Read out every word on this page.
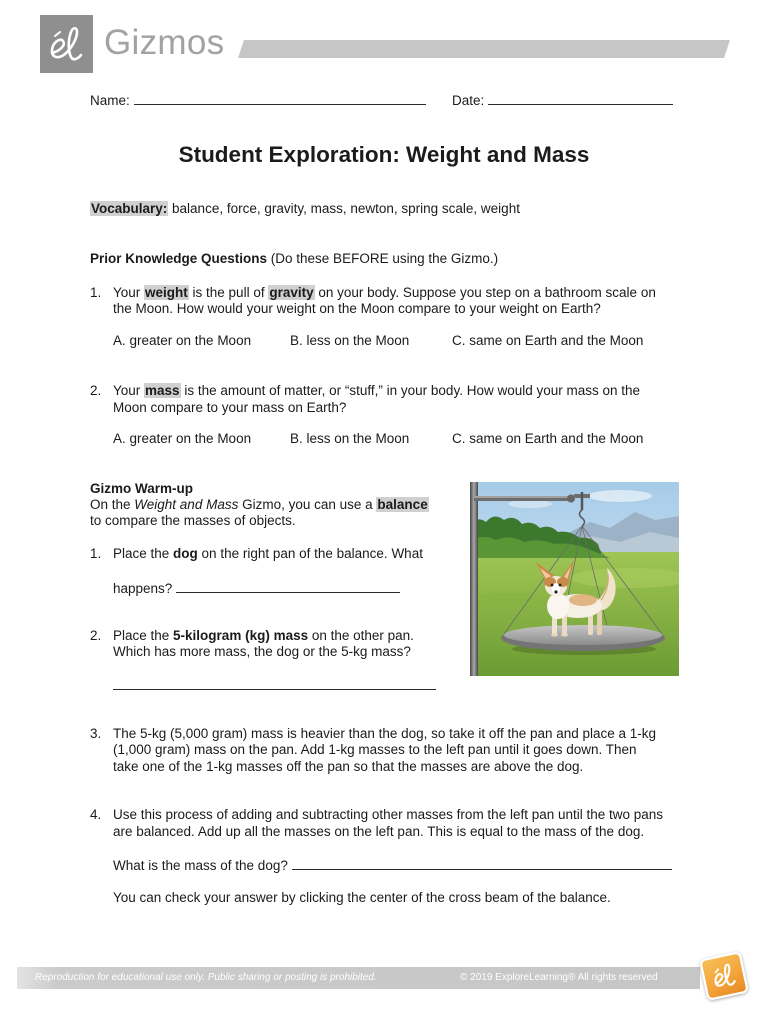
Gizmos
Name:	Date:
Student Exploration: Weight and Mass
Vocabulary: balance, force, gravity, mass, newton, spring scale, weight
Prior Knowledge Questions (Do these BEFORE using the Gizmo.)
1. Your weight is the pull of gravity on your body. Suppose you step on a bathroom scale on
the Moon. How would your weight on the Moon compare to your weight on Earth?
A. greater on the Moon	B. less on the Moon	C. same on Earth and the Moon
2. Your mass is the amount of matter, or “stuff,” in your body. How would your mass on the
Moon compare to your mass on Earth?
A. greater on the Moon	B. less on the Moon	C. same on Earth and the Moon
Gizmo Warm-up
On the Weight and Mass Gizmo, you can use a balance
to compare the masses of objects.
1. Place the dog on the right pan of the balance. What
happens?
2. Place the 5-kilogram (kg) mass on the other pan.
Which has more mass, the dog or the 5-kg mass?
3. The 5-kg (5,000 gram) mass is heavier than the dog, so take it off the pan and place a 1-kg
(1,000 gram) mass on the pan. Add 1-kg masses to the left pan until it goes down. Then
take one of the 1-kg masses off the pan so that the masses are above the dog.
4. Use this process of adding and subtracting other masses from the left pan until the two pans
are balanced. Add up all the masses on the left pan. This is equal to the mass of the dog.
What is the mass of the dog?
You can check your answer by clicking the center of the cross beam of the balance.
Reproduction for educational use only. Public sharing or posting is prohibited.	© 2019 ExploreLearning® All rights reserved
